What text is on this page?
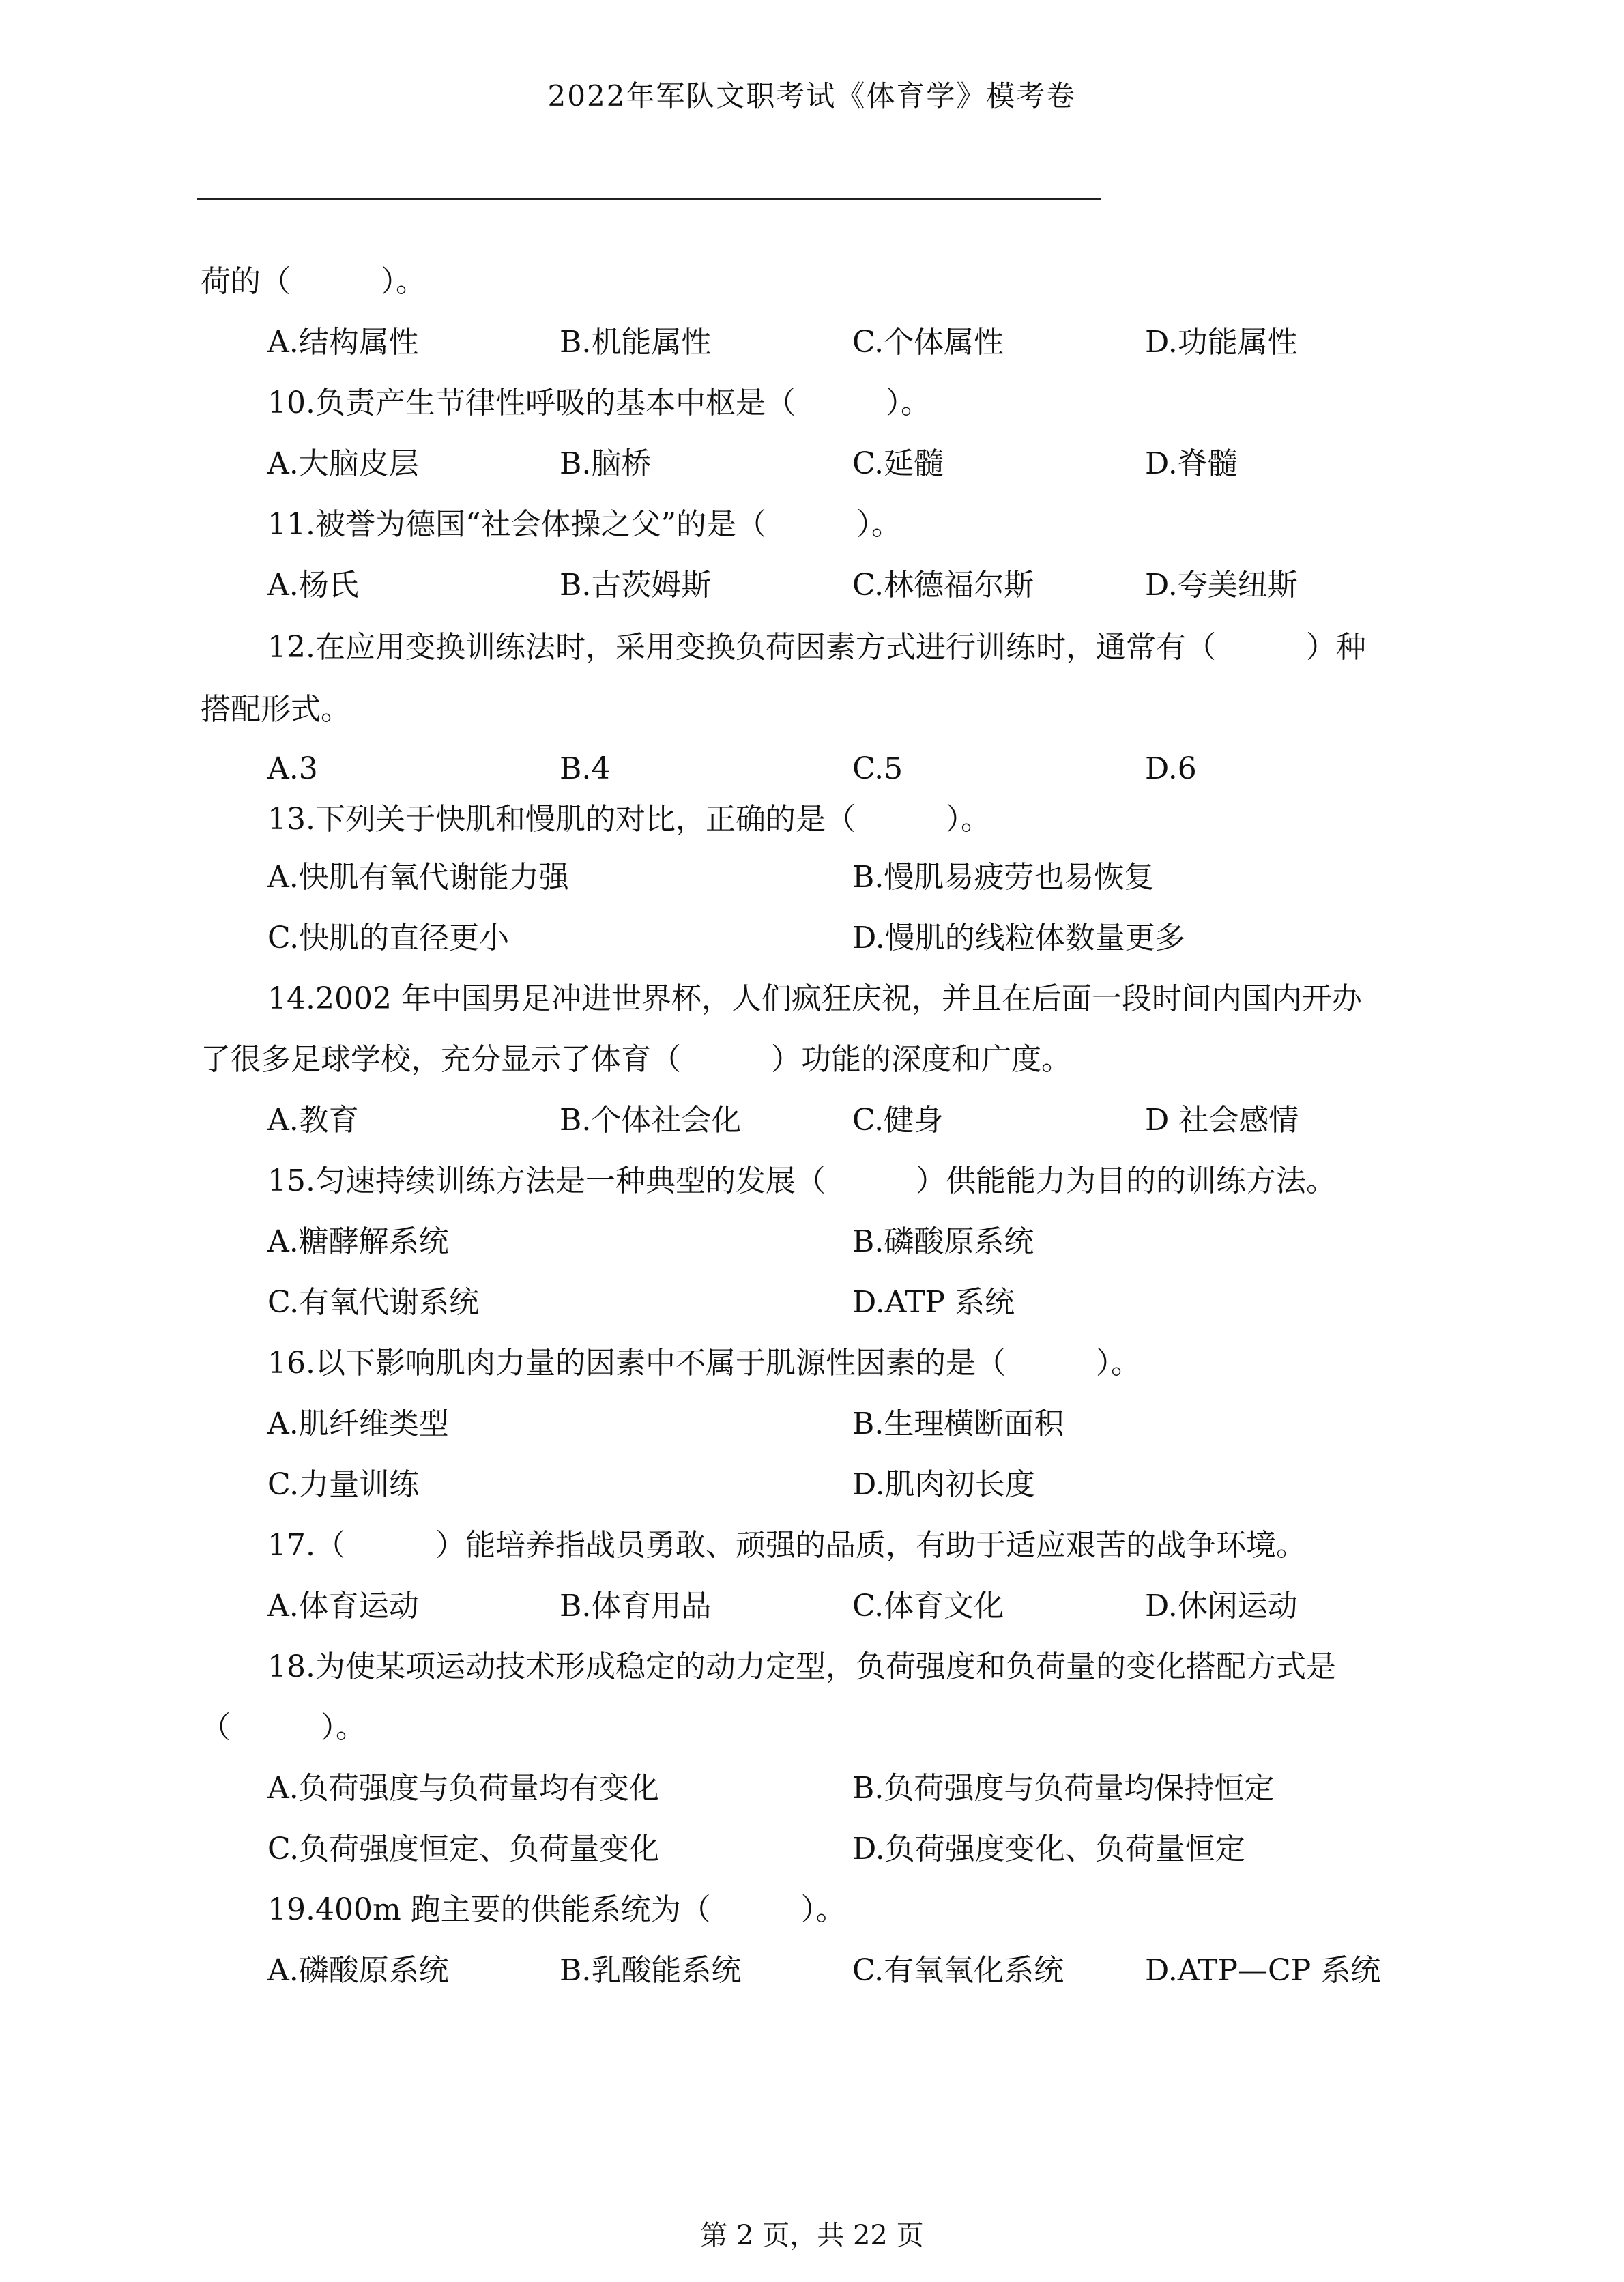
2022年军队文职考试《体育学》模考卷
荷的（　　　）。
A.结构属性	B.机能属性	C.个体属性	D.功能属性
10.负责产生节律性呼吸的基本中枢是（　　　）。
A.大脑皮层	B.脑桥	C.延髓	D.脊髓
11.被誉为德国“社会体操之父”的是（　　　）。
A.杨氏	B.古茨姆斯	C.林德福尔斯	D.夸美纽斯
12.在应用变换训练法时，采用变换负荷因素方式进行训练时，通常有（　　　）种
搭配形式。
A.3	B.4	C.5	D.6
13.下列关于快肌和慢肌的对比，正确的是（　　　）。
A.快肌有氧代谢能力强	B.慢肌易疲劳也易恢复
C.快肌的直径更小	D.慢肌的线粒体数量更多
14.2002 年中国男足冲进世界杯，人们疯狂庆祝，并且在后面一段时间内国内开办
了很多足球学校，充分显示了体育（　　　）功能的深度和广度。
A.教育	B.个体社会化	C.健身	D 社会感情
15.匀速持续训练方法是一种典型的发展（　　　）供能能力为目的的训练方法。
A.糖酵解系统	B.磷酸原系统
C.有氧代谢系统	D.ATP 系统
16.以下影响肌肉力量的因素中不属于肌源性因素的是（　　　）。
A.肌纤维类型	B.生理横断面积
C.力量训练	D.肌肉初长度
17.（　　　）能培养指战员勇敢、顽强的品质，有助于适应艰苦的战争环境。
A.体育运动	B.体育用品	C.体育文化	D.休闲运动
18.为使某项运动技术形成稳定的动力定型，负荷强度和负荷量的变化搭配方式是
（　　　）。
A.负荷强度与负荷量均有变化	B.负荷强度与负荷量均保持恒定
C.负荷强度恒定、负荷量变化	D.负荷强度变化、负荷量恒定
19.400m 跑主要的供能系统为（　　　）。
A.磷酸原系统	B.乳酸能系统	C.有氧氧化系统	D.ATP—CP 系统
第 2 页，共 22 页
